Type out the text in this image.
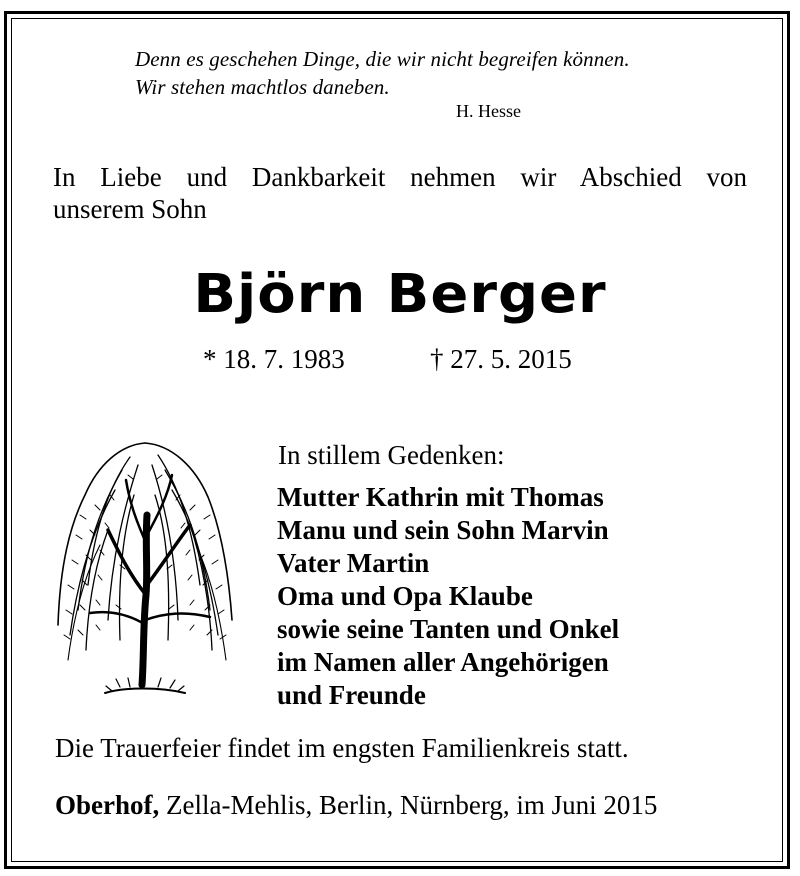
Denn es geschehen Dinge, die wir nicht begreifen können.
Wir stehen machtlos daneben.
H. Hesse
In Liebe und Dankbarkeit nehmen wir Abschied von
unserem Sohn
Björn Berger
* 18. 7. 1983	† 27. 5. 2015
In stillem Gedenken:
Mutter Kathrin mit Thomas
Manu und sein Sohn Marvin
Vater Martin
Oma und Opa Klaube
sowie seine Tanten und Onkel
im Namen aller Angehörigen
und Freunde
Die Trauerfeier findet im engsten Familienkreis statt.
Oberhof, Zella-Mehlis, Berlin, Nürnberg, im Juni 2015
